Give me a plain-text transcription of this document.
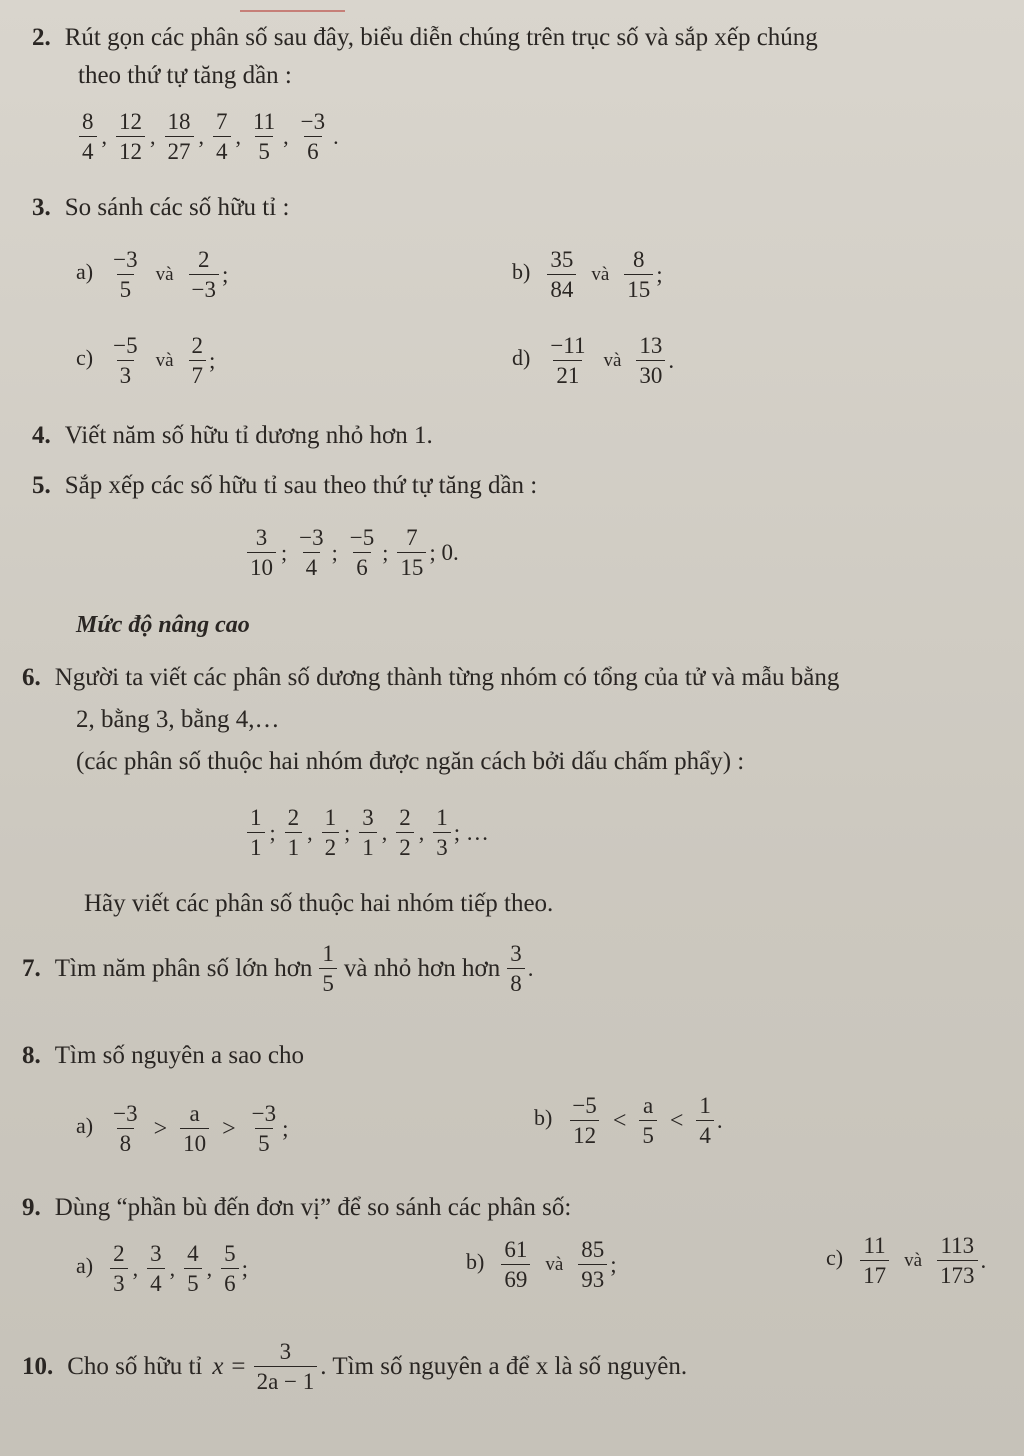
2. Rút gọn các phân số sau đây, biểu diễn chúng trên trục số và sắp xếp chúng
theo thứ tự tăng dần :
$\frac{8}{4}$ , $\frac{12}{12}$ , $\frac{18}{27}$ , $\frac{7}{4}$ , $\frac{11}{5}$ , $\frac{-3}{6}$ .
3. So sánh các số hữu tỉ :
$a) \frac{-3}{5}$ và $\frac{2}{-3}$ ;	$b) \frac{35}{84}$ và $\frac{8}{15}$ ;
$c) \frac{-5}{3}$ và $\frac{2}{7}$ ;	$d) \frac{-11}{21}$ và $\frac{13}{30}$ .
4. Viết năm số hữu tỉ dương nhỏ hơn 1.
5. Sắp xếp các số hữu tỉ sau theo thứ tự tăng dần :
$\frac{3}{10}$ ; $\frac{-3}{4}$ ; $\frac{-5}{6}$ ; $\frac{7}{15}$ ; 0.
Mức độ nâng cao
6. Người ta viết các phân số dương thành từng nhóm có tổng của tử và mẫu bằng
2, bằng 3, bằng 4,…
(các phân số thuộc hai nhóm được ngăn cách bởi dấu chấm phẩy) :
$\frac{1}{1}$ ; $\frac{2}{1}$ , $\frac{1}{2}$ ; $\frac{3}{1}$ , $\frac{2}{2}$ , $\frac{1}{3}$ ; …
Hãy viết các phân số thuộc hai nhóm tiếp theo.
7. Tìm năm phân số lớn hơn $\frac{1}{5}$ và nhỏ hơn hơn $\frac{3}{8}$ .
8. Tìm số nguyên a sao cho
$a) \frac{-3}{8} > \frac{a}{10} > \frac{-3}{5}$ ;	$b) \frac{-5}{12} < \frac{a}{5} < \frac{1}{4}$ .
9. Dùng “phần bù đến đơn vị” để so sánh các phân số:
$a) \frac{2}{3}$ , $\frac{3}{4}$ , $\frac{4}{5}$ , $\frac{5}{6}$ ;	$b) \frac{61}{69}$ và $\frac{85}{93}$ ;	$c) \frac{11}{17}$ và $\frac{113}{173}$ .
10. Cho số hữu tỉ $x = \frac{3}{2a - 1}$ . Tìm số nguyên a để x là số nguyên.
